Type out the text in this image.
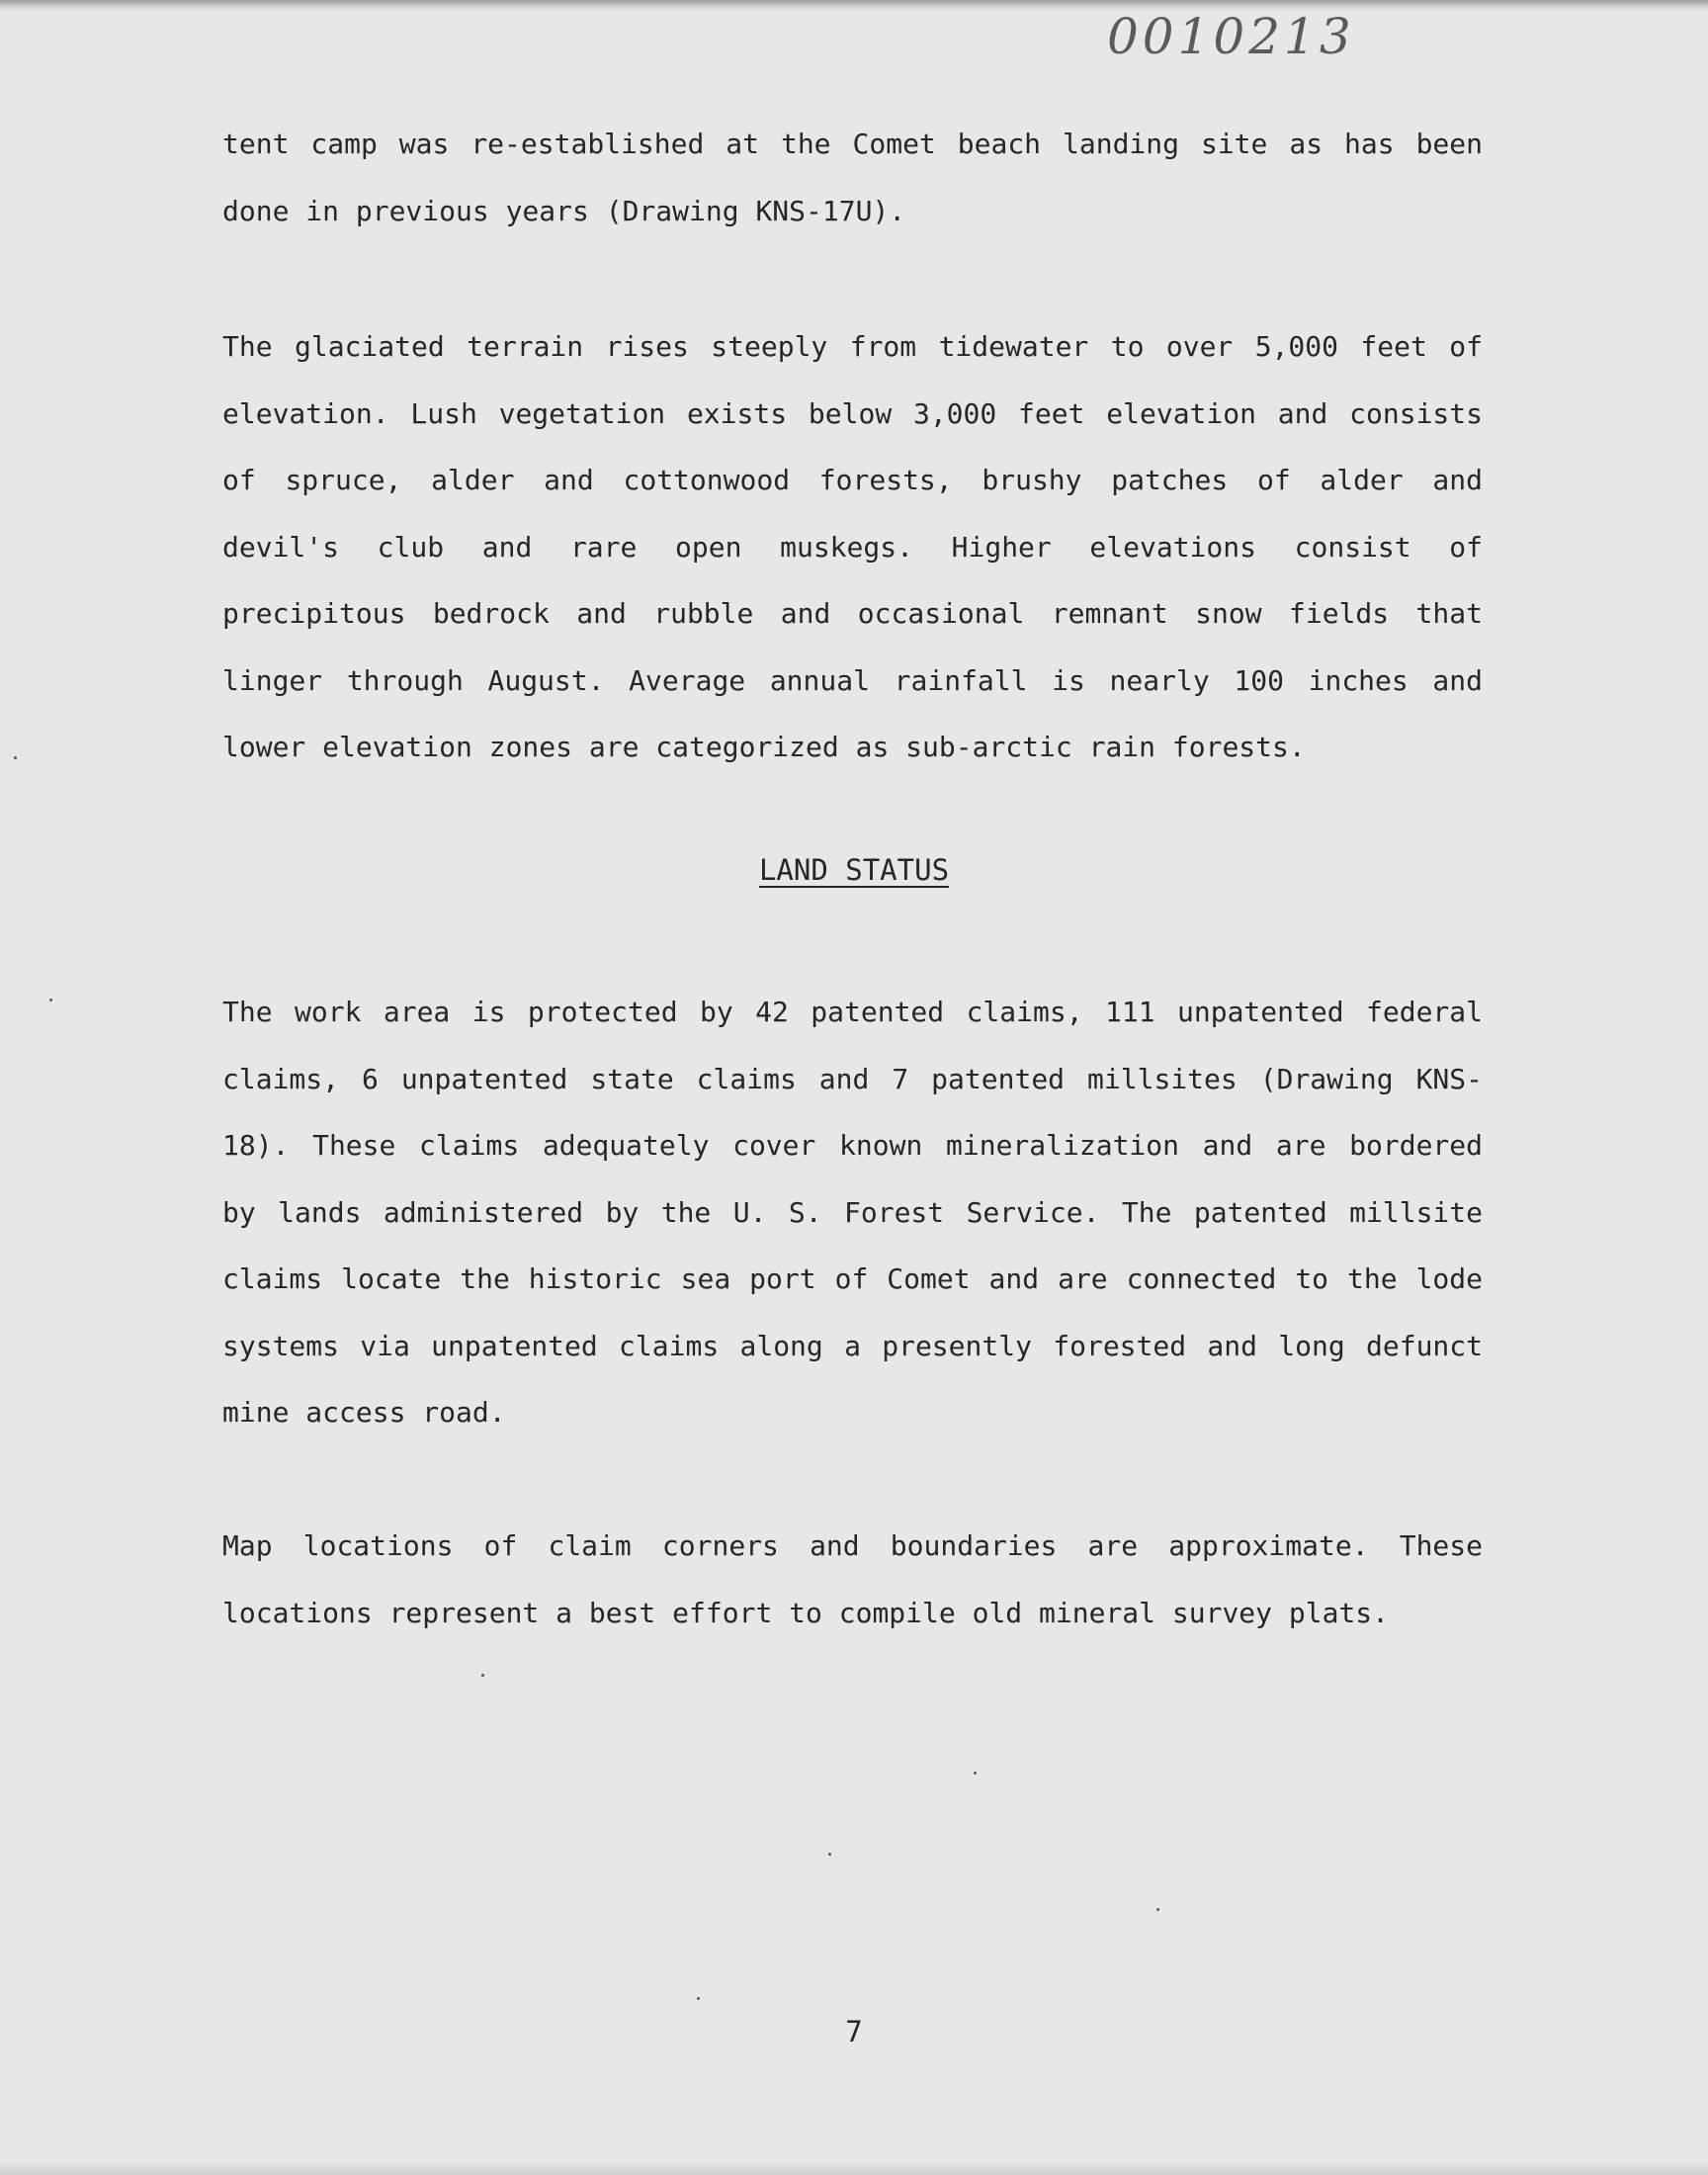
0010213
tent camp was re-established at the Comet beach landing site as has been
done in previous years (Drawing KNS-17U).
The glaciated terrain rises steeply from tidewater to over 5,000 feet of
elevation. Lush vegetation exists below 3,000 feet elevation and consists
of spruce, alder and cottonwood forests, brushy patches of alder and
devil's club and rare open muskegs. Higher elevations consist of
precipitous bedrock and rubble and occasional remnant snow fields that
linger through August. Average annual rainfall is nearly 100 inches and
lower elevation zones are categorized as sub-arctic rain forests.
LAND STATUS
The work area is protected by 42 patented claims, 111 unpatented federal
claims, 6 unpatented state claims and 7 patented millsites (Drawing KNS-
18). These claims adequately cover known mineralization and are bordered
by lands administered by the U. S. Forest Service. The patented millsite
claims locate the historic sea port of Comet and are connected to the lode
systems via unpatented claims along a presently forested and long defunct
mine access road.
Map locations of claim corners and boundaries are approximate. These
locations represent a best effort to compile old mineral survey plats.
7
